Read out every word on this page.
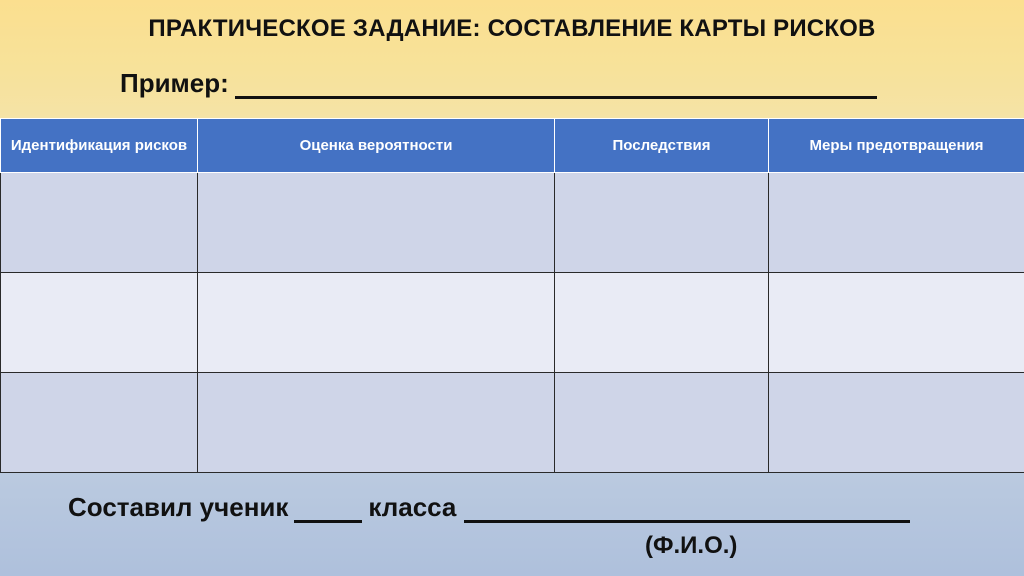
ПРАКТИЧЕСКОЕ ЗАДАНИЕ: СОСТАВЛЕНИЕ КАРТЫ РИСКОВ
Пример:
Идентификация рисков	Оценка вероятности	Последствия	Меры предотвращения

Составил ученик	класса
(Ф.И.О.)
